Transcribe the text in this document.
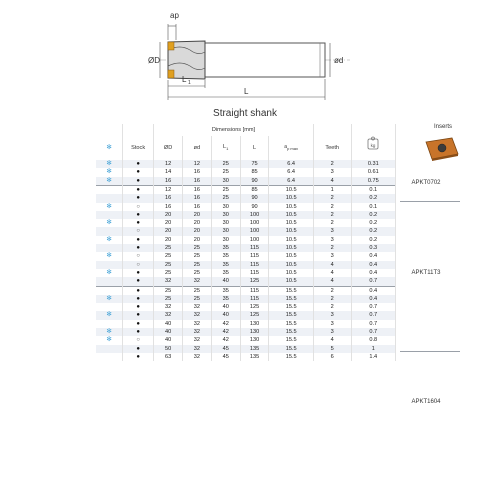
ap
ØD	ød
L 1
L
Straight shank
		Dimensions [mm]						
✻	Stock	ØD	ød	$L_1$	L	$a_{p max}$	Teeth	kg

✻	●	12	12	25	75	6.4	2	0.31
✻	●	14	16	25	85	6.4	3	0.61
✻	●	16	16	30	90	6.4	4	0.75
	●	12	16	25	85	10.5	1	0.1
	●	16	16	25	90	10.5	2	0.2
✻	○	16	16	30	90	10.5	2	0.1
	●	20	20	30	100	10.5	2	0.2
✻	●	20	20	30	100	10.5	2	0.2
	○	20	20	30	100	10.5	3	0.2
✻	●	20	20	30	100	10.5	3	0.2
	●	25	25	35	115	10.5	2	0.3
✻	○	25	25	35	115	10.5	3	0.4
	○	25	25	35	115	10.5	4	0.4
✻	●	25	25	35	115	10.5	4	0.4
	●	32	32	40	125	10.5	4	0.7
	●	25	25	35	115	15.5	2	0.4
✻	●	25	25	35	115	15.5	2	0.4
	●	32	32	40	125	15.5	2	0.7
✻	●	32	32	40	125	15.5	3	0.7
	●	40	32	42	130	15.5	3	0.7
✻	●	40	32	42	130	15.5	3	0.7
✻	○	40	32	42	130	15.5	4	0.8
	●	50	32	45	135	15.5	5	1
	●	63	32	45	135	15.5	6	1.4
Inserts
APKT0702
APKT11T3
APKT1604
